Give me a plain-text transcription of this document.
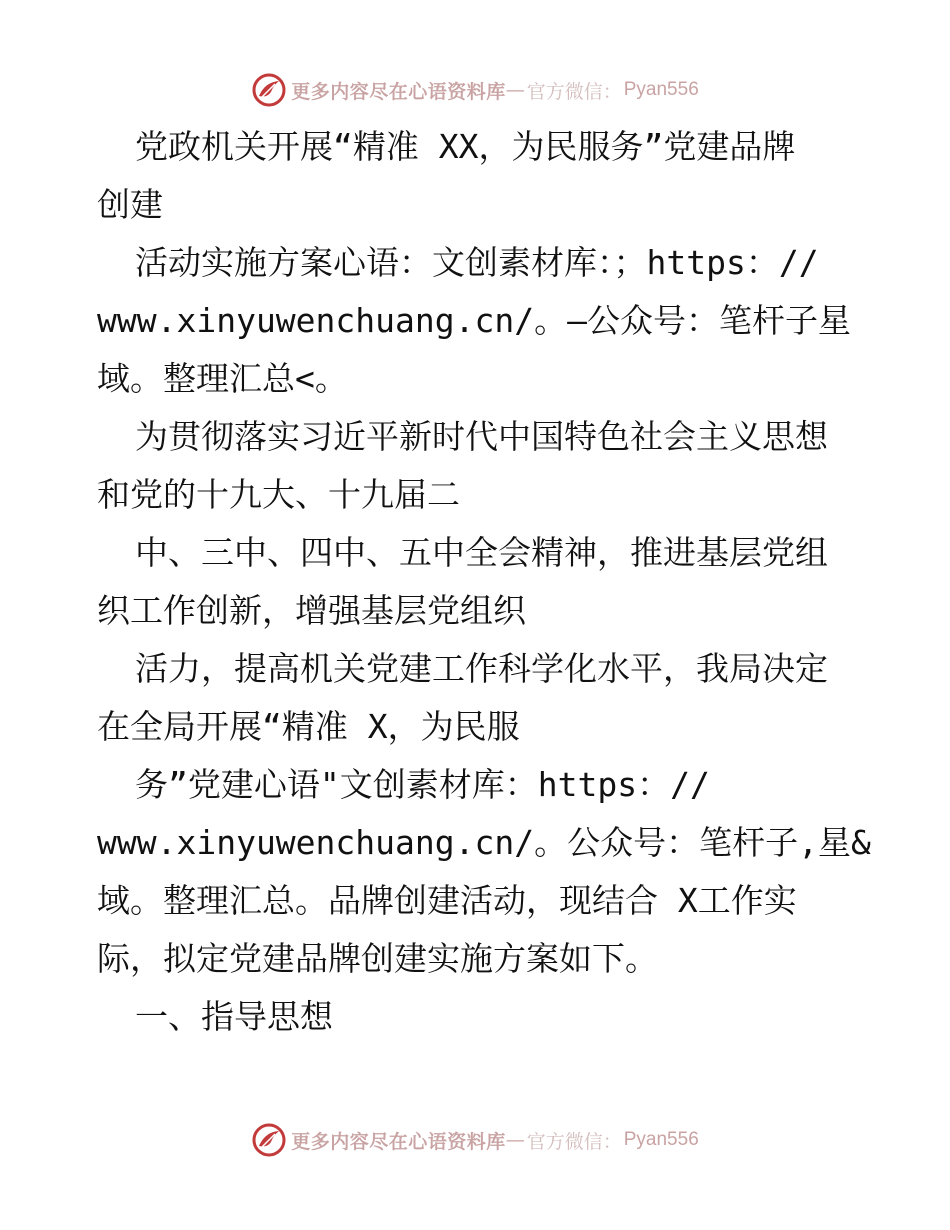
更多内容尽在心语资料库 — 官方微信： Pyan556
党政机关开展“精准 XX，为民服务”党建品牌
创建
活动实施方案心语：文创素材库：；https：//
www.xinyuwenchuang.cn/。—公众号：笔杆子星
域。整理汇总<。
为贯彻落实习近平新时代中国特色社会主义思想
和党的十九大、十九届二
中、三中、四中、五中全会精神，推进基层党组
织工作创新，增强基层党组织
活力，提高机关党建工作科学化水平，我局决定
在全局开展“精准 X，为民服
务”党建心语"文创素材库：https：//
www.xinyuwenchuang.cn/。公众号：笔杆子,星&
域。整理汇总。品牌创建活动，现结合 X工作实
际，拟定党建品牌创建实施方案如下。
一、指导思想
更多内容尽在心语资料库 — 官方微信： Pyan556
